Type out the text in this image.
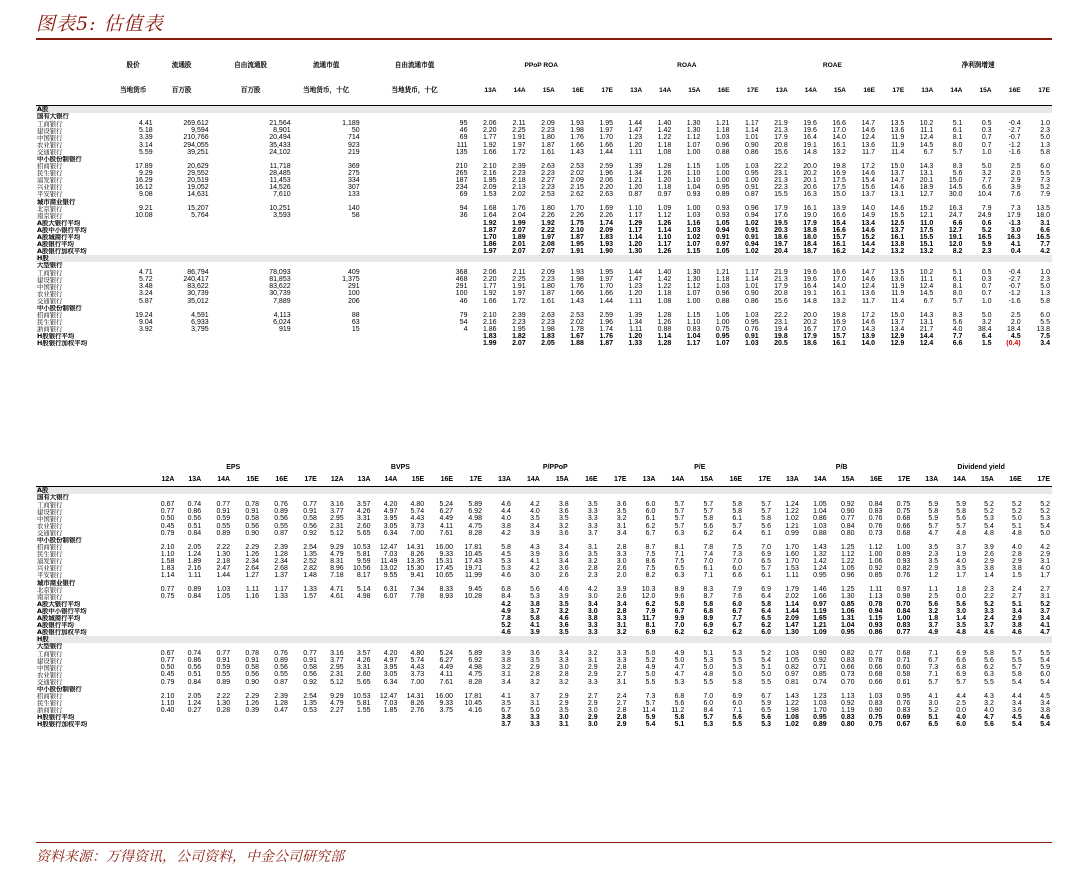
图表5: 估值表
	股价	流通股	自由流通股	流通市值	自由流通市值	PPoP ROA					ROAA					ROAE					净利润增速				
	当地货币	百万股	百万股	当地货币，十亿	当地货币，十亿	13A	14A	15A	16E	17E	13A	14A	15A	16E	17E	13A	14A	15A	16E	17E	13A	14A	15A	16E	17E
A股																									
国有大银行																									
工商银行	4.41	269,612	21,564	1,189	95	2.06	2.11	2.09	1.93	1.95	1.44	1.40	1.30	1.21	1.17	21.9	19.6	16.6	14.7	13.5	10.2	5.1	0.5	-0.4	1.0
建设银行	5.18	9,594	8,901	50	46	2.20	2.25	2.23	1.98	1.97	1.47	1.42	1.30	1.18	1.14	21.3	19.6	17.0	14.6	13.6	11.1	6.1	0.3	-2.7	2.3
中国银行	3.39	210,766	20,494	714	69	1.77	1.91	1.80	1.76	1.70	1.23	1.22	1.12	1.03	1.01	17.9	16.4	14.0	12.4	11.9	12.4	8.1	0.7	-0.7	5.0
农业银行	3.14	294,055	35,433	923	111	1.92	1.97	1.87	1.66	1.66	1.20	1.18	1.07	0.96	0.90	20.8	19.1	16.1	13.6	11.9	14.5	8.0	0.7	-1.2	1.3
交通银行	5.59	39,251	24,102	219	135	1.66	1.72	1.61	1.43	1.44	1.11	1.08	1.00	0.88	0.86	15.6	14.8	13.2	11.7	11.4	6.7	5.7	1.0	-1.6	5.8
中小股份制银行																									
招商银行	17.89	20,629	11,718	369	210	2.10	2.39	2.63	2.53	2.59	1.39	1.28	1.15	1.05	1.03	22.2	20.0	19.8	17.2	15.0	14.3	8.3	5.0	2.5	6.0
民生银行	9.29	29,552	28,485	275	265	2.16	2.23	2.23	2.02	1.96	1.34	1.26	1.10	1.00	0.95	23.1	20.2	16.9	14.6	13.7	13.1	5.6	3.2	2.0	5.5
浦发银行	16.29	20,519	11,453	334	187	1.95	2.18	2.27	2.09	2.06	1.21	1.20	1.10	1.00	1.00	21.3	20.1	17.5	15.4	14.7	20.1	15.0	7.7	2.9	7.3
兴业银行	16.12	19,052	14,526	307	234	2.09	2.13	2.23	2.15	2.20	1.20	1.18	1.04	0.95	0.91	22.3	20.6	17.5	15.6	14.6	18.9	14.5	6.6	3.9	5.2
平安银行	9.08	14,631	7,610	133	69	1.53	2.02	2.53	2.62	2.63	0.87	0.97	0.93	0.89	0.87	15.5	16.3	15.0	13.7	13.1	12.7	30.0	10.4	7.6	7.9
城市商业银行																									
北京银行	9.21	15,207	10,251	140	94	1.68	1.76	1.80	1.70	1.69	1.10	1.09	1.00	0.93	0.96	17.9	16.1	13.9	14.0	14.6	15.2	16.3	7.9	7.3	13.5
南京银行	10.08	5,764	3,593	58	36	1.64	2.04	2.26	2.26	2.26	1.17	1.12	1.03	0.93	0.94	17.6	19.0	16.6	14.9	15.5	12.1	24.7	24.9	17.9	18.0
A股大银行平均						1.92	1.99	1.92	1.75	1.74	1.29	1.26	1.16	1.05	1.02	19.5	17.9	15.4	13.4	12.5	11.0	6.6	0.6	-1.3	3.1
A股中小银行平均						1.87	2.07	2.22	2.10	2.09	1.17	1.14	1.03	0.94	0.91	20.3	18.8	16.6	14.6	13.7	17.5	12.7	5.2	3.0	6.6
A股城商行平均						1.70	1.89	1.97	1.87	1.83	1.14	1.10	1.02	0.91	0.91	18.6	18.0	15.7	15.2	16.1	15.5	19.1	16.5	16.3	16.5
A股银行平均						1.86	2.01	2.08	1.95	1.93	1.20	1.17	1.07	0.97	0.94	19.7	18.4	16.1	14.4	13.8	15.1	12.0	5.9	4.1	7.7
A股银行加权平均						1.97	2.07	2.07	1.91	1.90	1.30	1.26	1.15	1.05	1.02	20.4	18.7	16.2	14.2	13.2	13.2	8.2	2.3	0.4	4.2
H股																									
大型银行																									
工商银行	4.71	86,794	78,093	409	368	2.06	2.11	2.09	1.93	1.95	1.44	1.40	1.30	1.21	1.17	21.9	19.6	16.6	14.7	13.5	10.2	5.1	0.5	-0.4	1.0
建设银行	5.72	240,417	81,853	1,375	468	2.20	2.25	2.23	1.98	1.97	1.47	1.42	1.30	1.18	1.14	21.3	19.6	17.0	14.6	13.6	11.1	6.1	0.3	-2.7	2.3
中国银行	3.48	83,622	83,622	291	291	1.77	1.91	1.80	1.76	1.70	1.23	1.22	1.12	1.03	1.01	17.9	16.4	14.0	12.4	11.9	12.4	8.1	0.7	-0.7	5.0
农业银行	3.24	30,739	30,739	100	100	1.92	1.97	1.87	1.66	1.66	1.20	1.18	1.07	0.96	0.90	20.8	19.1	16.1	13.6	11.9	14.5	8.0	0.7	-1.2	1.3
交通银行	5.87	35,012	7,889	206	46	1.66	1.72	1.61	1.43	1.44	1.11	1.08	1.00	0.88	0.86	15.6	14.8	13.2	11.7	11.4	6.7	5.7	1.0	-1.6	5.8
中小股份制银行																									
招商银行	19.24	4,591	4,113	88	79	2.10	2.39	2.63	2.53	2.59	1.39	1.28	1.15	1.05	1.03	22.2	20.0	19.8	17.2	15.0	14.3	8.3	5.0	2.5	6.0
民生银行	9.04	6,933	6,024	63	54	2.16	2.23	2.23	2.02	1.96	1.34	1.26	1.10	1.00	0.95	23.1	20.2	16.9	14.6	13.7	13.1	5.6	3.2	2.0	5.5
浙商银行	3.92	3,795	919	15	4	1.86	1.95	1.98	1.78	1.74	1.11	0.88	0.83	0.75	0.76	19.4	16.7	17.0	14.3	13.4	21.7	4.0	38.4	18.4	13.8
H股银行平均						1.83	1.82	1.83	1.67	1.76	1.20	1.14	1.04	0.95	0.91	19.8	17.9	15.7	13.9	12.9	14.4	7.7	6.4	4.5	7.5
H股银行加权平均						1.99	2.07	2.05	1.88	1.87	1.33	1.28	1.17	1.07	1.03	20.5	18.6	16.1	14.0	12.9	12.4	6.6	1.5	(0.4)	3.4
	EPS						BVPS						P/PPoP					P/E					P/B					Dividend yield				
	12A	13A	14A	15E	16E	17E	12A	13A	14A	15E	16E	17E	13A	14A	15A	16E	17E	13A	14A	15A	16E	17E	13A	14A	15A	16E	17E	13A	14A	15A	16E	17E
A股																																
国有大银行																																
工商银行	0.67	0.74	0.77	0.78	0.76	0.77	3.16	3.57	4.20	4.80	5.24	5.89	4.6	4.2	3.8	3.5	3.6	6.0	5.7	5.7	5.8	5.7	1.24	1.05	0.92	0.84	0.75	5.9	5.9	5.2	5.2	5.2
建设银行	0.77	0.86	0.91	0.91	0.89	0.91	3.77	4.26	4.97	5.74	6.27	6.92	4.4	4.0	3.6	3.3	3.5	6.0	5.7	5.7	5.8	5.7	1.22	1.04	0.90	0.83	0.75	5.8	5.8	5.2	5.2	5.2
中国银行	0.50	0.56	0.59	0.58	0.56	0.58	2.95	3.31	3.95	4.43	4.49	4.98	4.0	3.5	3.5	3.3	3.2	6.1	5.7	5.8	6.1	5.8	1.02	0.86	0.77	0.76	0.68	5.9	5.6	5.3	5.0	5.3
农业银行	0.45	0.51	0.55	0.56	0.55	0.56	2.31	2.60	3.05	3.73	4.11	4.75	3.8	3.4	3.2	3.3	3.1	6.2	5.7	5.6	5.7	5.6	1.21	1.03	0.84	0.76	0.66	5.7	5.7	5.4	5.1	5.4
交通银行	0.79	0.84	0.89	0.90	0.87	0.92	5.12	5.65	6.34	7.00	7.61	8.28	4.2	3.9	3.6	3.7	3.4	6.7	6.3	6.2	6.4	6.1	0.99	0.88	0.80	0.73	0.68	4.7	4.8	4.8	4.8	5.0
中小股份制银行																																
招商银行	2.10	2.05	2.22	2.29	2.39	2.54	9.29	10.53	12.47	14.31	16.00	17.81	5.8	4.3	3.4	3.1	2.8	8.7	8.1	7.8	7.5	7.0	1.70	1.43	1.25	1.12	1.00	3.5	3.7	3.9	4.0	4.2
民生银行	1.10	1.24	1.30	1.26	1.28	1.35	4.79	5.81	7.03	8.26	9.33	10.45	4.5	3.9	3.6	3.5	3.3	7.5	7.1	7.4	7.3	6.9	1.60	1.32	1.12	1.00	0.89	2.3	1.9	2.6	2.8	2.9
浦发银行	1.58	1.89	2.18	2.34	2.34	2.52	8.31	9.59	11.49	13.35	15.31	17.43	5.3	4.1	3.4	3.2	3.0	8.6	7.5	7.0	7.0	6.5	1.70	1.42	1.22	1.06	0.93	3.5	4.0	2.9	2.9	3.1
兴业银行	1.83	2.16	2.47	2.64	2.68	2.82	8.96	10.56	13.02	15.30	17.45	19.71	5.3	4.2	3.6	2.8	2.6	7.5	6.5	6.1	6.0	5.7	1.53	1.24	1.05	0.92	0.82	2.9	3.5	3.8	3.8	4.0
平安银行	1.14	1.11	1.44	1.27	1.37	1.48	7.18	8.17	9.55	9.41	10.65	11.99	4.6	3.0	2.6	2.3	2.0	8.2	6.3	7.1	6.6	6.1	1.11	0.95	0.96	0.85	0.76	1.2	1.7	1.4	1.5	1.7
城市商业银行																																
北京银行	0.77	0.89	1.03	1.11	1.17	1.33	4.71	5.14	6.31	7.34	8.33	9.45	6.8	5.6	4.6	4.2	3.9	10.3	8.9	8.3	7.9	6.9	1.79	1.46	1.25	1.11	0.97	1.1	1.8	2.3	2.4	2.7
南京银行	0.75	0.84	1.05	1.16	1.33	1.57	4.61	4.98	6.07	7.78	8.93	10.28	8.4	5.3	3.9	3.0	2.6	12.0	9.6	8.7	7.6	6.4	2.02	1.66	1.30	1.13	0.98	2.5	0.0	2.2	2.7	3.1
A股大银行平均													4.2	3.8	3.5	3.4	3.4	6.2	5.8	5.8	6.0	5.8	1.14	0.97	0.85	0.78	0.70	5.6	5.6	5.2	5.1	5.2
A股中小银行平均													4.9	3.7	3.2	3.0	2.8	7.9	6.7	6.8	6.7	6.4	1.44	1.19	1.06	0.94	0.84	3.2	3.0	3.3	3.4	3.7
A股城商行平均													7.8	5.8	4.6	3.8	3.3	11.7	9.9	8.9	7.7	6.5	2.09	1.65	1.31	1.15	1.00	1.8	1.4	2.4	2.9	3.4
A股银行平均													5.2	4.1	3.6	3.3	3.1	8.1	7.0	6.9	6.7	6.2	1.47	1.21	1.04	0.93	0.83	3.7	3.5	3.7	3.8	4.1
A股银行加权平均													4.6	3.9	3.5	3.3	3.2	6.9	6.2	6.2	6.2	6.0	1.30	1.09	0.95	0.86	0.77	4.9	4.8	4.6	4.6	4.7
H股																																
大型银行																																
工商银行	0.67	0.74	0.77	0.78	0.76	0.77	3.16	3.57	4.20	4.80	5.24	5.89	3.9	3.6	3.4	3.2	3.3	5.0	4.9	5.1	5.3	5.2	1.03	0.90	0.82	0.77	0.68	7.1	6.9	5.8	5.7	5.5
建设银行	0.77	0.86	0.91	0.91	0.89	0.91	3.77	4.26	4.97	5.74	6.27	6.92	3.8	3.5	3.3	3.1	3.3	5.2	5.0	5.3	5.5	5.4	1.05	0.92	0.83	0.78	0.71	6.7	6.6	5.6	5.5	5.4
中国银行	0.50	0.56	0.59	0.58	0.56	0.58	2.95	3.31	3.95	4.43	4.49	4.98	3.2	2.9	3.0	2.9	2.8	4.9	4.7	5.0	5.3	5.1	0.82	0.71	0.66	0.66	0.60	7.3	6.8	6.2	5.7	5.9
农业银行	0.45	0.51	0.55	0.56	0.55	0.56	2.31	2.60	3.05	3.73	4.11	4.75	3.1	2.8	2.8	2.9	2.7	5.0	4.7	4.8	5.0	5.0	0.97	0.85	0.73	0.68	0.58	7.1	6.9	6.3	5.8	6.0
交通银行	0.79	0.84	0.89	0.90	0.87	0.92	5.12	5.65	6.34	7.00	7.61	8.28	3.4	3.2	3.2	3.3	3.1	5.5	5.3	5.5	5.8	5.5	0.81	0.74	0.70	0.66	0.61	5.7	5.7	5.5	5.4	5.4
中小股份制银行																																
招商银行	2.10	2.05	2.22	2.29	2.39	2.54	9.29	10.53	12.47	14.31	16.00	17.81	4.1	3.7	2.9	2.7	2.4	7.3	6.8	7.0	6.9	6.7	1.43	1.23	1.13	1.03	0.95	4.1	4.4	4.3	4.4	4.5
民生银行	1.10	1.24	1.30	1.26	1.28	1.35	4.79	5.81	7.03	8.26	9.33	10.45	3.5	3.1	2.9	2.9	2.7	5.7	5.6	6.0	6.0	5.9	1.22	1.03	0.92	0.83	0.76	3.0	2.5	3.2	3.4	3.4
浙商银行	0.40	0.27	0.28	0.39	0.47	0.53	2.27	1.55	1.85	2.76	3.75	4.16	6.7	5.0	3.5	3.0	2.8	11.4	11.2	8.4	7.1	6.5	1.98	1.70	1.19	0.90	0.83	5.2	0.0	4.0	3.6	3.8
H股银行平均													3.8	3.3	3.0	2.9	2.8	5.9	5.8	5.7	5.6	5.6	1.08	0.95	0.83	0.75	0.69	5.1	4.0	4.7	4.5	4.6
H股银行加权平均													3.7	3.3	3.1	3.0	2.9	5.4	5.1	5.3	5.5	5.3	1.02	0.89	0.80	0.75	0.67	6.5	6.0	5.6	5.4	5.4
资料来源：万得资讯，公司资料，中金公司研究部
